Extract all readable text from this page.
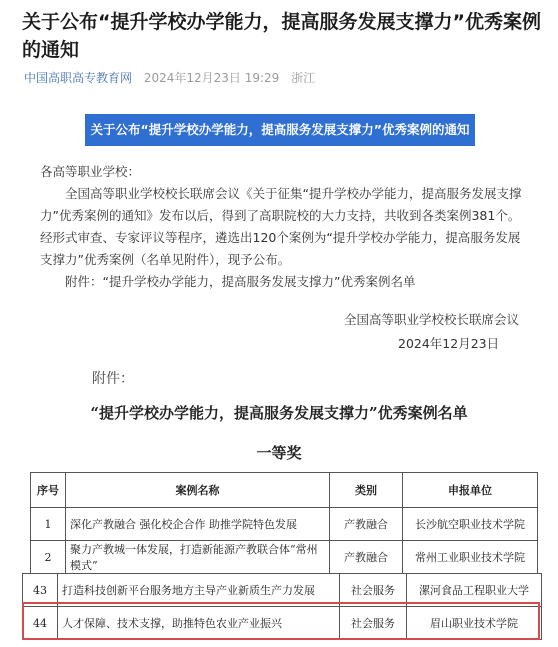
关于公布“提升学校办学能力，提高服务发展支撑力”优秀案例的通知
中国高职高专教育网 2024年12月23日 19:29 浙江
关于公布“提升学校办学能力，提高服务发展支撑力”优秀案例的通知

各高等职业学校：

全国高等职业学校校长联席会议《关于征集“提升学校办学能力，提高服务发展支撑力”优秀案例的通知》发布以后，得到了高职院校的大力支持，共收到各类案例381个。经形式审查、专家评议等程序，遴选出120个案例为“提升学校办学能力，提高服务发展支撑力”优秀案例（名单见附件），现予公布。

附件：“提升学校办学能力，提高服务发展支撑力”优秀案例名单

全国高等职业学校校长联席会议
2024年12月23日
附件：
“提升学校办学能力，提高服务发展支撑力”优秀案例名单
一等奖
序号	案例名称	类别	申报单位
1	深化产教融合 强化校企合作 助推学院特色发展	产教融合	长沙航空职业技术学院
2	聚力产教城一体发展，打造新能源产教联合体“常州模式”	产教融合	常州工业职业技术学院
43	打造科技创新平台服务地方主导产业新质生产力发展	社会服务	漯河食品工程职业大学
44	人才保障、技术支撑，助推特色农业产业振兴	社会服务	眉山职业技术学院
